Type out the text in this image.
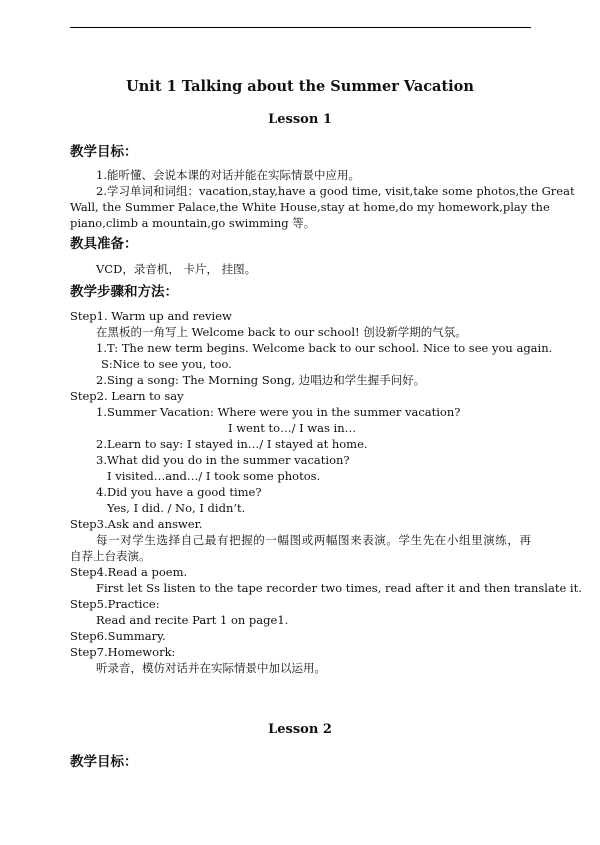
Unit 1 Talking about the Summer Vacation
Lesson 1
教学目标：
1.能听懂、会说本课的对话并能在实际情景中应用。
2.学习单词和词组：vacation,stay,have a good time, visit,take some photos,the Great
Wall, the Summer Palace,the White House,stay at home,do my homework,play the
piano,climb a mountain,go swimming 等。
教具准备：
VCD，录音机， 卡片， 挂图。
教学步骤和方法：
Step1. Warm up and review
在黑板的一角写上 Welcome back to our school! 创设新学期的气氛。
1.T: The new term begins. Welcome back to our school. Nice to see you again.
S:Nice to see you, too.
2.Sing a song: The Morning Song, 边唱边和学生握手问好。
Step2. Learn to say
1.Summer Vacation: Where were you in the summer vacation?
I went to…/ I was in…
2.Learn to say: I stayed in…/ I stayed at home.
3.What did you do in the summer vacation?
I visited…and…/ I took some photos.
4.Did you have a good time?
Yes, I did. / No, I didn’t.
Step3.Ask and answer.
每一对学生选择自己最有把握的一幅图或两幅图来表演。学生先在小组里演练，再
自荐上台表演。
Step4.Read a poem.
First let Ss listen to the tape recorder two times, read after it and then translate it.
Step5.Practice:
Read and recite Part 1 on page1.
Step6.Summary.
Step7.Homework:
听录音，模仿对话并在实际情景中加以运用。
Lesson 2
教学目标：
